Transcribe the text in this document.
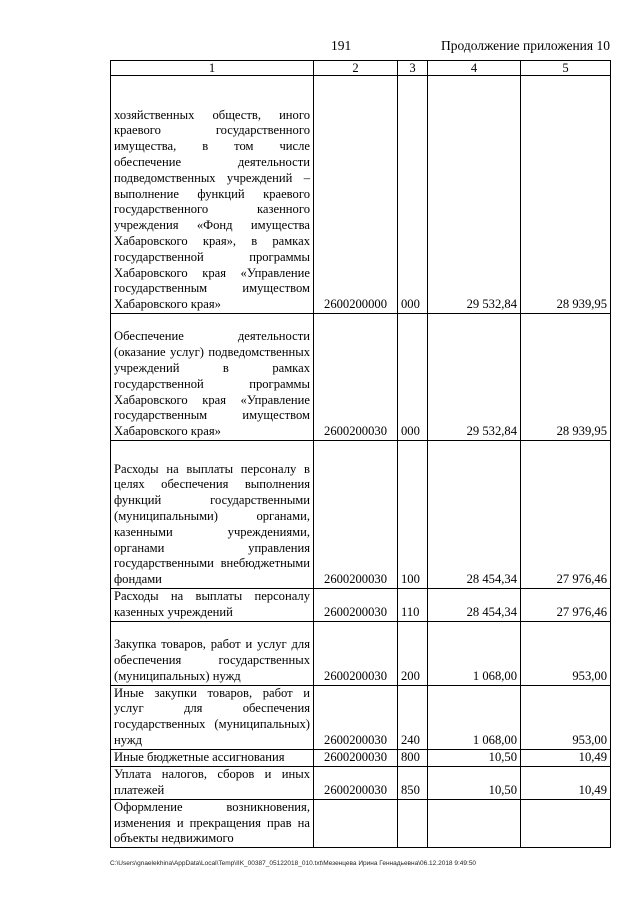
191	Продолжение приложения 10
1	2	3	4	5
хозяйственных обществ, иного краевого государственного имущества, в том числе обеспечение деятельности подведомственных учреждений – выполнение функций краевого государственного казенного учреждения «Фонд имущества Хабаровского края», в рамках государственной программы Хабаровского края «Управление государственным имуществом Хабаровского края»	2600200000	000	29 532,84	28 939,95
Обеспечение деятельности (оказание услуг) подведомственных учреждений в рамках государственной программы Хабаровского края «Управление государственным имуществом Хабаровского края»	2600200030	000	29 532,84	28 939,95
Расходы на выплаты персоналу в целях обеспечения выполнения функций государственными (муниципальными) органами, казенными учреждениями, органами управления государственными внебюджетными фондами	2600200030	100	28 454,34	27 976,46
Расходы на выплаты персоналу казенных учреждений	2600200030	110	28 454,34	27 976,46
Закупка товаров, работ и услуг для обеспечения государственных (муниципальных) нужд	2600200030	200	1 068,00	953,00
Иные закупки товаров, работ и услуг для обеспечения государственных (муниципальных) нужд	2600200030	240	1 068,00	953,00
Иные бюджетные ассигнования	2600200030	800	10,50	10,49
Уплата налогов, сборов и иных платежей	2600200030	850	10,50	10,49
Оформление возникновения, изменения и прекращения прав на объекты недвижимого				
C:\Users\gnaelekhina\AppData\Local\Temp\IIK_00387_05122018_010.txt\Мезенцева Ирина Геннадьевна\06.12.2018 9:49:50
